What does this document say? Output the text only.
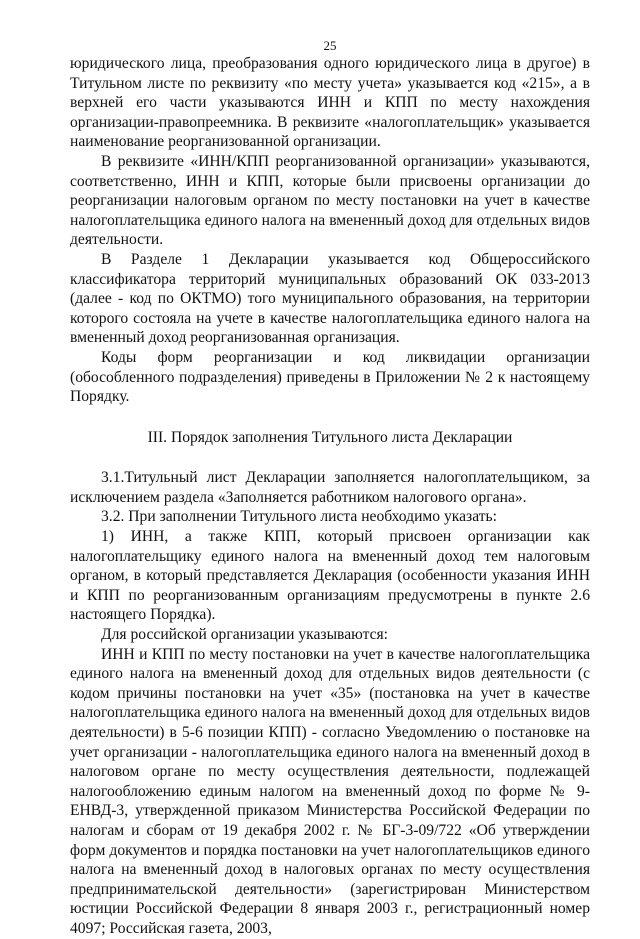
25

юридического лица, преобразования одного юридического лица в другое) в Титульном листе по реквизиту «по месту учета» указывается код «215», а в верхней его части указываются ИНН и КПП по месту нахождения организации-правопреемника. В реквизите «налогоплательщик» указывается наименование реорганизованной организации.

В реквизите «ИНН/КПП реорганизованной организации» указываются, соответственно, ИНН и КПП, которые были присвоены организации до реорганизации налоговым органом по месту постановки на учет в качестве налогоплательщика единого налога на вмененный доход для отдельных видов деятельности.

В Разделе 1 Декларации указывается код Общероссийского классификатора территорий муниципальных образований ОК 033-2013 (далее - код по ОКТМО) того муниципального образования, на территории которого состояла на учете в качестве налогоплательщика единого налога на вмененный доход реорганизованная организация.

Коды форм реорганизации и код ликвидации организации (обособленного подразделения) приведены в Приложении № 2 к настоящему Порядку.

III. Порядок заполнения Титульного листа Декларации

3.1.Титульный лист Декларации заполняется налогоплательщиком, за исключением раздела «Заполняется работником налогового органа».

3.2. При заполнении Титульного листа необходимо указать:

1) ИНН, а также КПП, который присвоен организации как налогоплательщику единого налога на вмененный доход тем налоговым органом, в который представляется Декларация (особенности указания ИНН и КПП по реорганизованным организациям предусмотрены в пункте 2.6 настоящего Порядка).

Для российской организации указываются:

ИНН и КПП по месту постановки на учет в качестве налогоплательщика единого налога на вмененный доход для отдельных видов деятельности (с кодом причины постановки на учет «35» (постановка на учет в качестве налогоплательщика единого налога на вмененный доход для отдельных видов деятельности) в 5-6 позиции КПП) - согласно Уведомлению о постановке на учет организации - налогоплательщика единого налога на вмененный доход в налоговом органе по месту осуществления деятельности, подлежащей налогообложению единым налогом на вмененный доход по форме № 9-ЕНВД-3, утвержденной приказом Министерства Российской Федерации по налогам и сборам от 19 декабря 2002 г. № БГ-3-09/722 «Об утверждении форм документов и порядка постановки на учет налогоплательщиков единого налога на вмененный доход в налоговых органах по месту осуществления предпринимательской деятельности» (зарегистрирован Министерством юстиции Российской Федерации 8 января 2003 г., регистрационный номер 4097; Российская газета, 2003,
